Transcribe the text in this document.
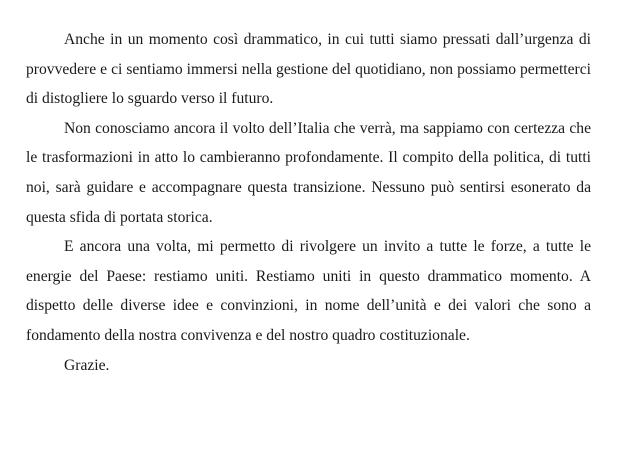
Anche in un momento così drammatico, in cui tutti siamo pressati dall’urgenza di provvedere e ci sentiamo immersi nella gestione del quotidiano, non possiamo permetterci di distogliere lo sguardo verso il futuro.

Non conosciamo ancora il volto dell’Italia che verrà, ma sappiamo con certezza che le trasformazioni in atto lo cambieranno profondamente. Il compito della politica, di tutti noi, sarà guidare e accompagnare questa transizione. Nessuno può sentirsi esonerato da questa sfida di portata storica.

E ancora una volta, mi permetto di rivolgere un invito a tutte le forze, a tutte le energie del Paese: restiamo uniti. Restiamo uniti in questo drammatico momento. A dispetto delle diverse idee e convinzioni, in nome dell’unità e dei valori che sono a fondamento della nostra convivenza e del nostro quadro costituzionale.

Grazie.
